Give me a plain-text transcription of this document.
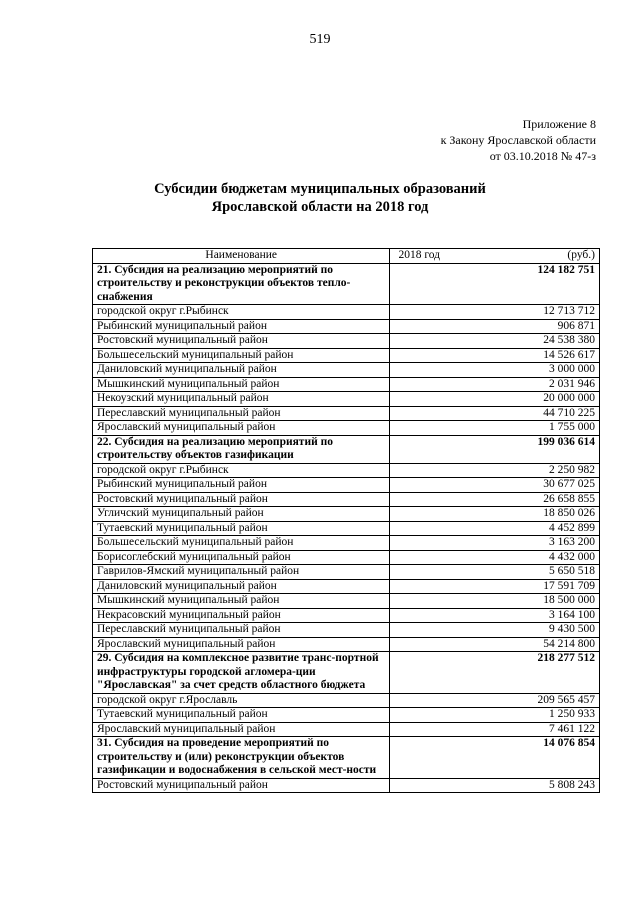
519
Приложение 8
к Закону Ярославской области
от 03.10.2018 № 47-з
Субсидии бюджетам муниципальных образований
Ярославской области на 2018 год
Наименование	2018 год (руб.)

21. Субсидия на реализацию мероприятий по строительству и реконструкции объектов тепло-снабжения	124 182 751
городской округ г.Рыбинск	12 713 712
Рыбинский муниципальный район	906 871
Ростовский муниципальный район	24 538 380
Большесельский муниципальный район	14 526 617
Даниловский муниципальный район	3 000 000
Мышкинский муниципальный район	2 031 946
Некоузский муниципальный район	20 000 000
Переславский муниципальный район	44 710 225
Ярославский муниципальный район	1 755 000
22. Субсидия на реализацию мероприятий по строительству объектов газификации	199 036 614
городской округ г.Рыбинск	2 250 982
Рыбинский муниципальный район	30 677 025
Ростовский муниципальный район	26 658 855
Угличский муниципальный район	18 850 026
Тутаевский муниципальный район	4 452 899
Большесельский муниципальный район	3 163 200
Борисоглебский муниципальный район	4 432 000
Гаврилов-Ямский муниципальный район	5 650 518
Даниловский муниципальный район	17 591 709
Мышкинский муниципальный район	18 500 000
Некрасовский муниципальный район	3 164 100
Переславский муниципальный район	9 430 500
Ярославский муниципальный район	54 214 800
29. Субсидия на комплексное развитие транс-портной инфраструктуры городской агломера-ции "Ярославская" за счет средств областного бюджета	218 277 512
городской округ г.Ярославль	209 565 457
Тутаевский муниципальный район	1 250 933
Ярославский муниципальный район	7 461 122
31. Субсидия на проведение мероприятий по строительству и (или) реконструкции объектов газификации и водоснабжения в сельской мест-ности	14 076 854
Ростовский муниципальный район	5 808 243
